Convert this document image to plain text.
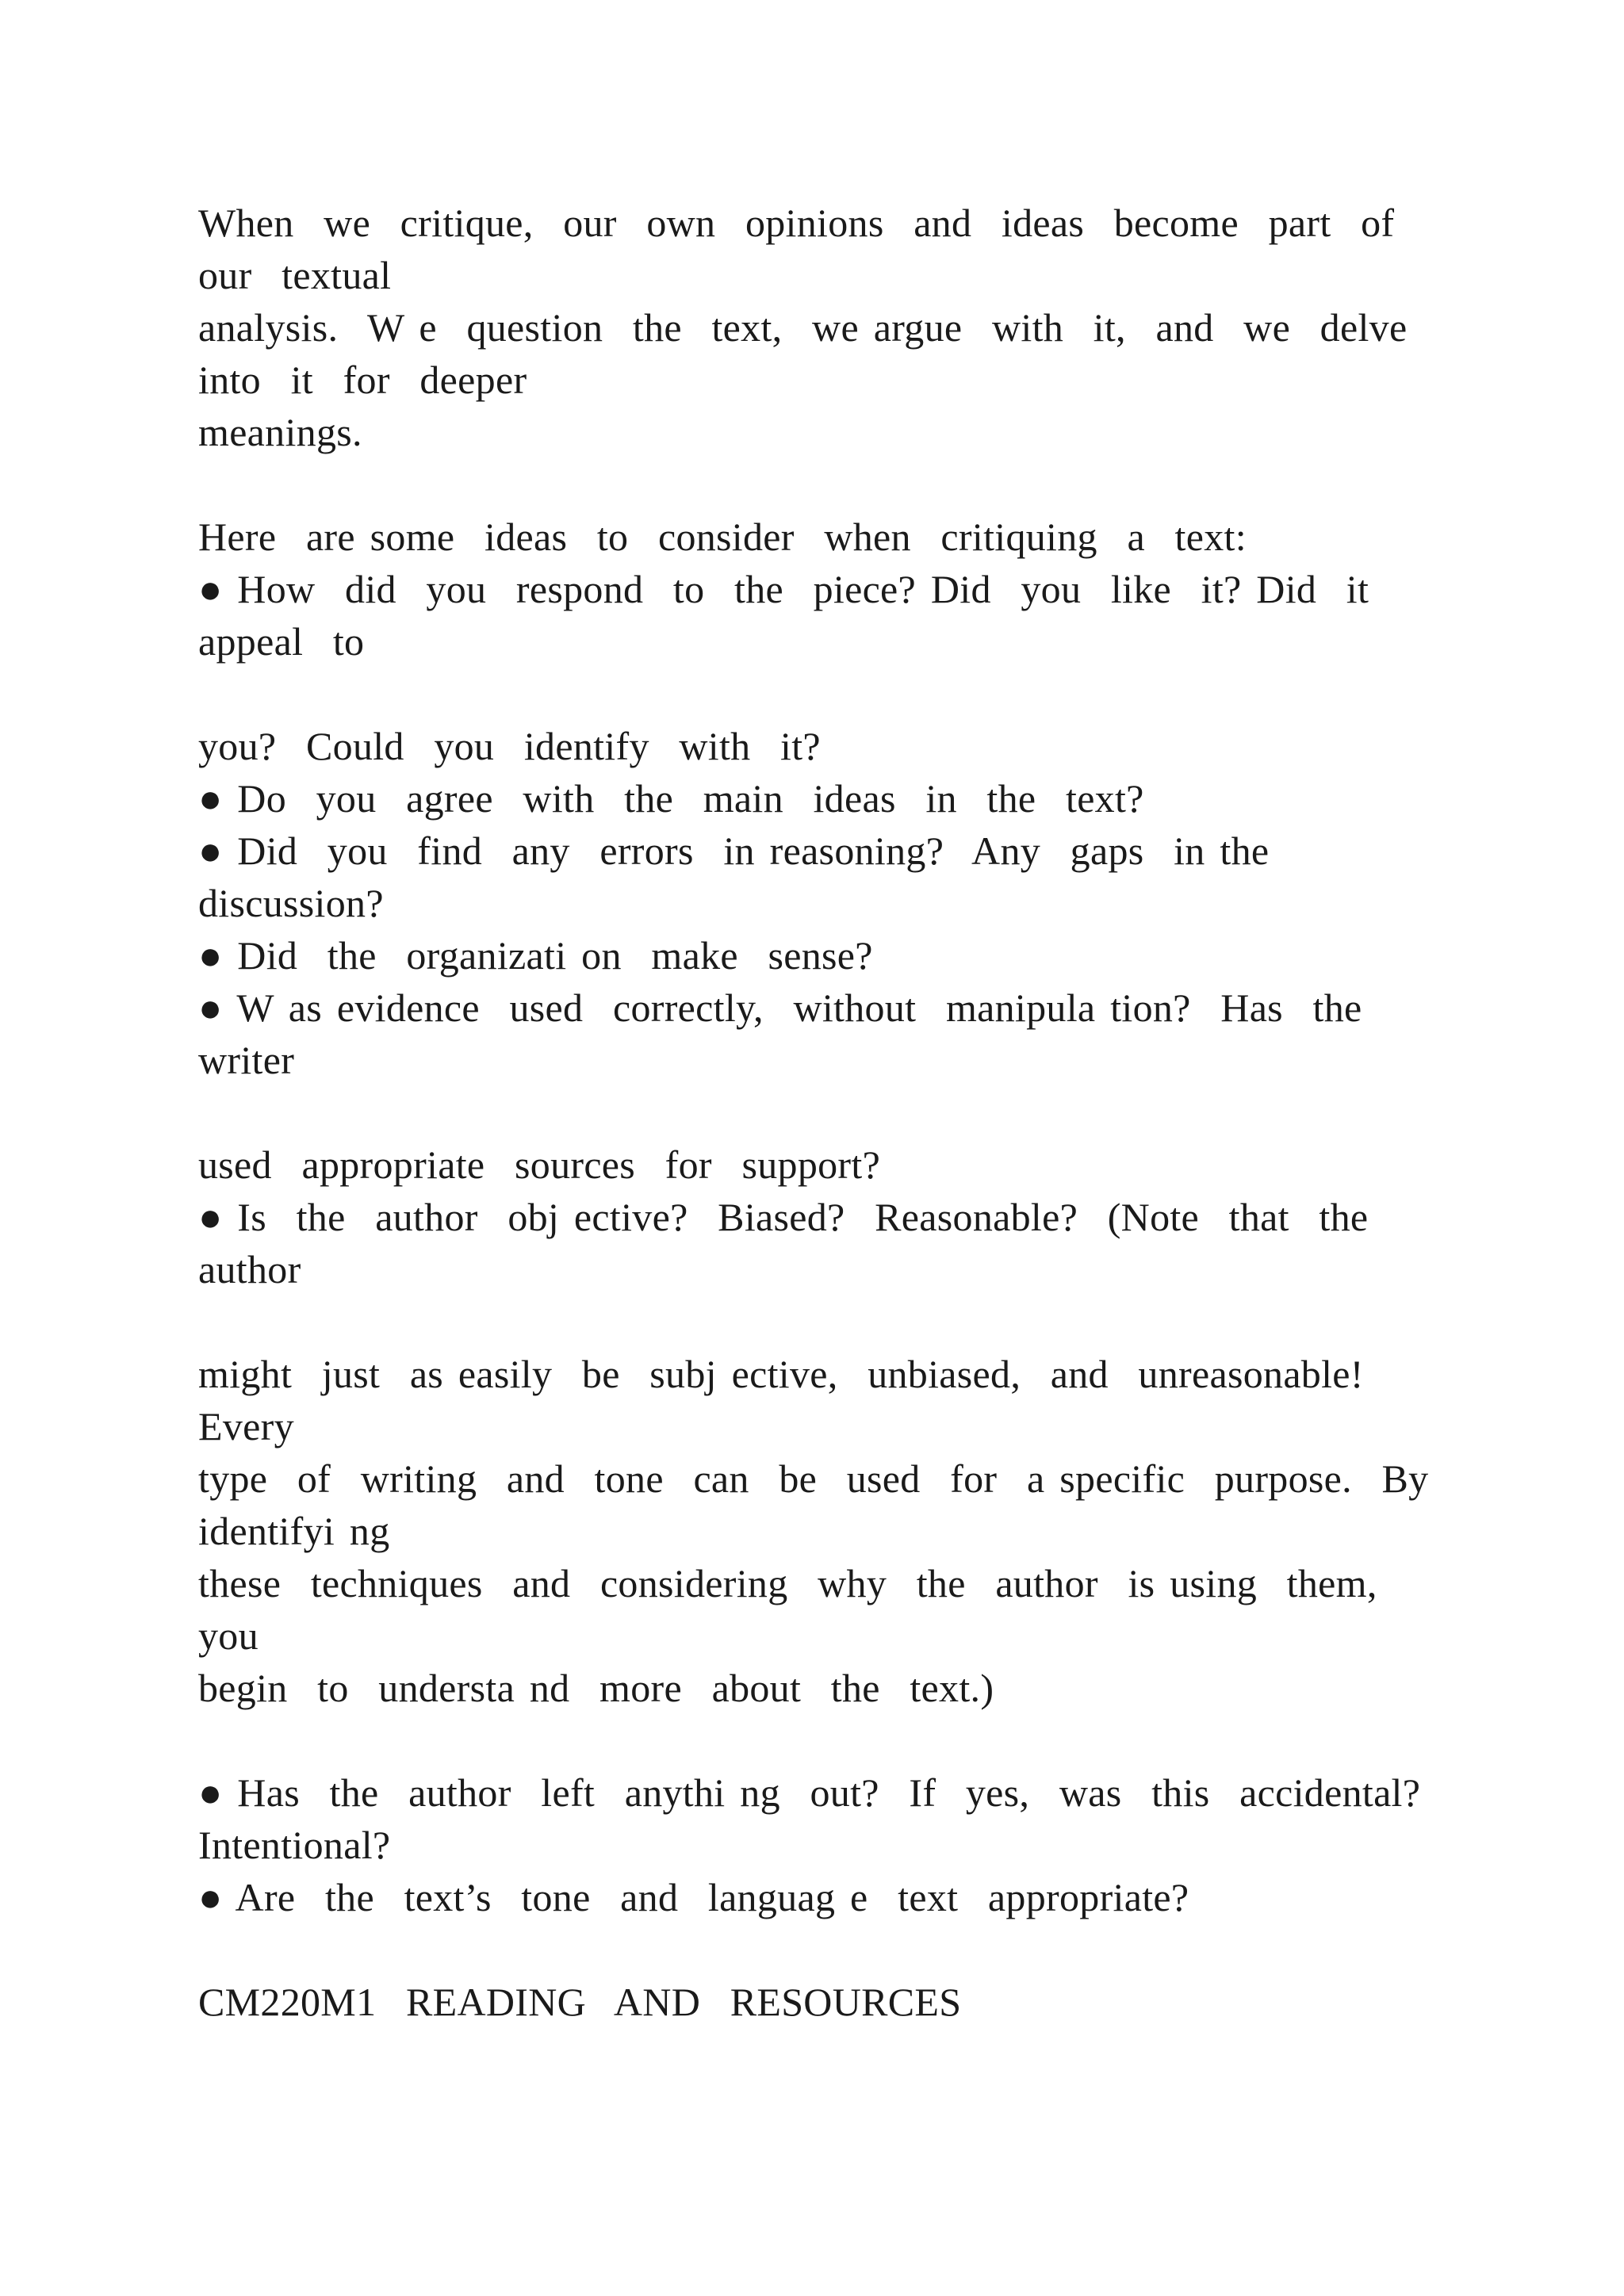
When  we  critique,  our  own  opinions  and  ideas  become  part  of
our  textual
analysis.  W e  question  the  text,  we argue  with  it,  and  we  delve
into  it  for  deeper
meanings.
Here  are some  ideas  to  consider  when  critiquing  a  text:
● How  did  you  respond  to  the  piece? Did  you  like  it? Did  it
appeal  to
you?  Could  you  identify  with  it?
● Do  you  agree  with  the  main  ideas  in  the  text?
● Did  you  find  any  errors  in reasoning?  Any  gaps  in the
discussion?
● Did  the  organizati on  make  sense?
● W as evidence  used  correctly,  without  manipula tion?  Has  the
writer
used  appropriate  sources  for  support?
● Is  the  author  obj ective?  Biased?  Reasonable?  (Note  that  the
author
might  just  as easily  be  subj ective,  unbiased,  and  unreasonable!
Every
type  of  writing  and  tone  can  be  used  for  a specific  purpose.  By
identifyi ng
these  techniques  and  considering  why  the  author  is using  them,
you
begin  to  understa nd  more  about  the  text.)
● Has  the  author  left  anythi ng  out?  If  yes,  was  this  accidental?
Intentional?
● Are  the  text’s  tone  and  languag e  text  appropriate?
CM220M1  READING  AND  RESOURCES
